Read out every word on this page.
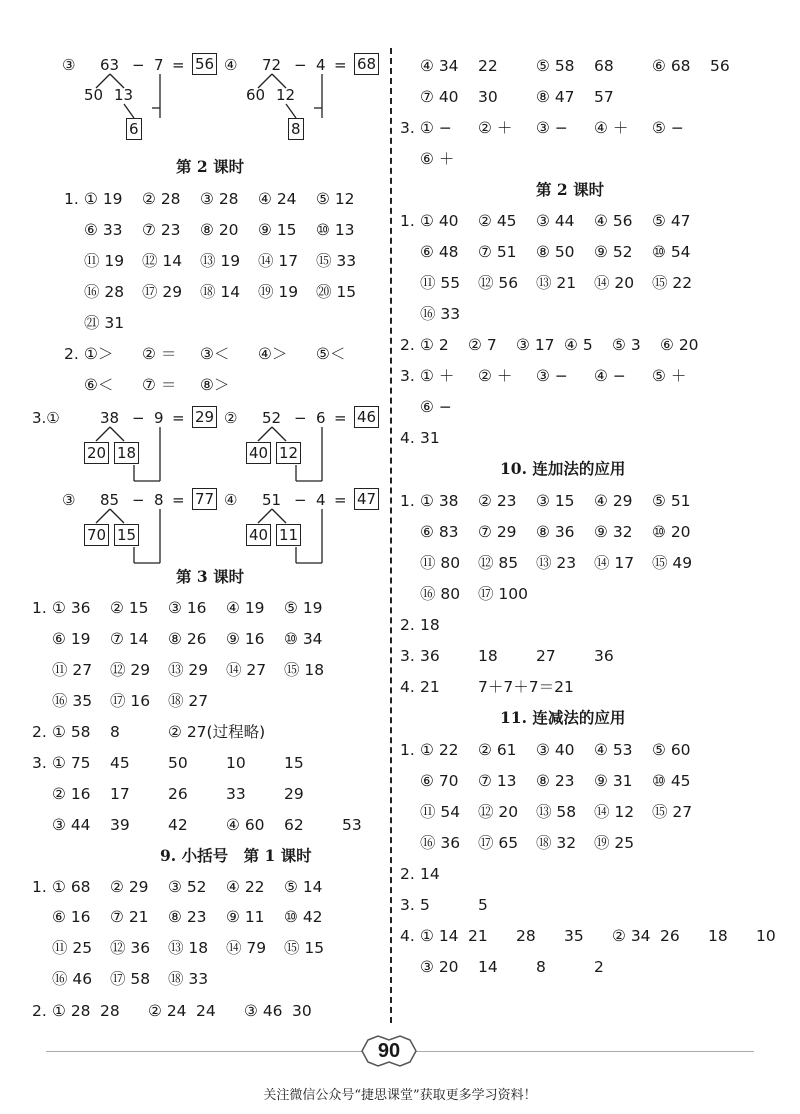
③ 63 − 7 = 56
50 13
6
④ 72 − 4 = 68
60 12
8
第 2 课时
1. ① 19 ② 28 ③ 28 ④ 24 ⑤ 12
⑥ 33 ⑦ 23 ⑧ 20 ⑨ 15 ⑩ 13
⑪ 19 ⑫ 14 ⑬ 19 ⑭ 17 ⑮ 33
⑯ 28 ⑰ 29 ⑱ 14 ⑲ 19 ⑳ 15
㉑ 31
2. ①＞ ② ＝ ③＜ ④＞ ⑤＜
⑥＜ ⑦ ＝ ⑧＞
3.①	38 − 9 = 29
20 18
② 52 − 6 = 46
40 12
③ 85 − 8 = 77
70 15
④ 51 − 4 = 47
40 11
第 3 课时
1. ① 36 ② 15 ③ 16 ④ 19 ⑤ 19
⑥ 19 ⑦ 14 ⑧ 26 ⑨ 16 ⑩ 34
⑪ 27 ⑫ 29 ⑬ 29 ⑭ 27 ⑮ 18
⑯ 35 ⑰ 16 ⑱ 27
2. ① 58 8	② 27(过程略)
3. ① 75 45 50 10 15
② 16 17 26 33 29
③ 44 39 42 ④ 60 62 53
9. 小括号　第 1 课时
1. ① 68 ② 29 ③ 52 ④ 22 ⑤ 14
⑥ 16 ⑦ 21 ⑧ 23 ⑨ 11 ⑩ 42
⑪ 25 ⑫ 36 ⑬ 18 ⑭ 79 ⑮ 15
⑯ 46 ⑰ 58 ⑱ 33
2. ① 28 28 ② 24 24 ③ 46 30
④ 34 22 ⑤ 58 68 ⑥ 68 56
⑦ 40 30 ⑧ 47 57
3. ① − ② ＋ ③ − ④ ＋ ⑤ −
⑥ ＋
第 2 课时
1. ① 40 ② 45 ③ 44 ④ 56 ⑤ 47
⑥ 48 ⑦ 51 ⑧ 50 ⑨ 52 ⑩ 54
⑪ 55 ⑫ 56 ⑬ 21 ⑭ 20 ⑮ 22
⑯ 33
2. ① 2 ② 7 ③ 17 ④ 5 ⑤ 3 ⑥ 20
3. ① ＋ ② ＋ ③ − ④ − ⑤ ＋
⑥ −
4. 31
10. 连加法的应用
1. ① 38 ② 23 ③ 15 ④ 29 ⑤ 51
⑥ 83 ⑦ 29 ⑧ 36 ⑨ 32 ⑩ 20
⑪ 80 ⑫ 85 ⑬ 23 ⑭ 17 ⑮ 49
⑯ 80 ⑰ 100
2. 18
3. 36 18 27 36
4. 21 7＋7＋7＝21
11. 连减法的应用
1. ① 22 ② 61 ③ 40 ④ 53 ⑤ 60
⑥ 70 ⑦ 13 ⑧ 23 ⑨ 31 ⑩ 45
⑪ 54 ⑫ 20 ⑬ 58 ⑭ 12 ⑮ 27
⑯ 36 ⑰ 65 ⑱ 32 ⑲ 25
2. 14
3. 5	5
4. ① 14 21 28 35 ② 34 26 18 10
③ 20 14 8	2
90
关注微信公众号“捷思课堂”获取更多学习资料！
